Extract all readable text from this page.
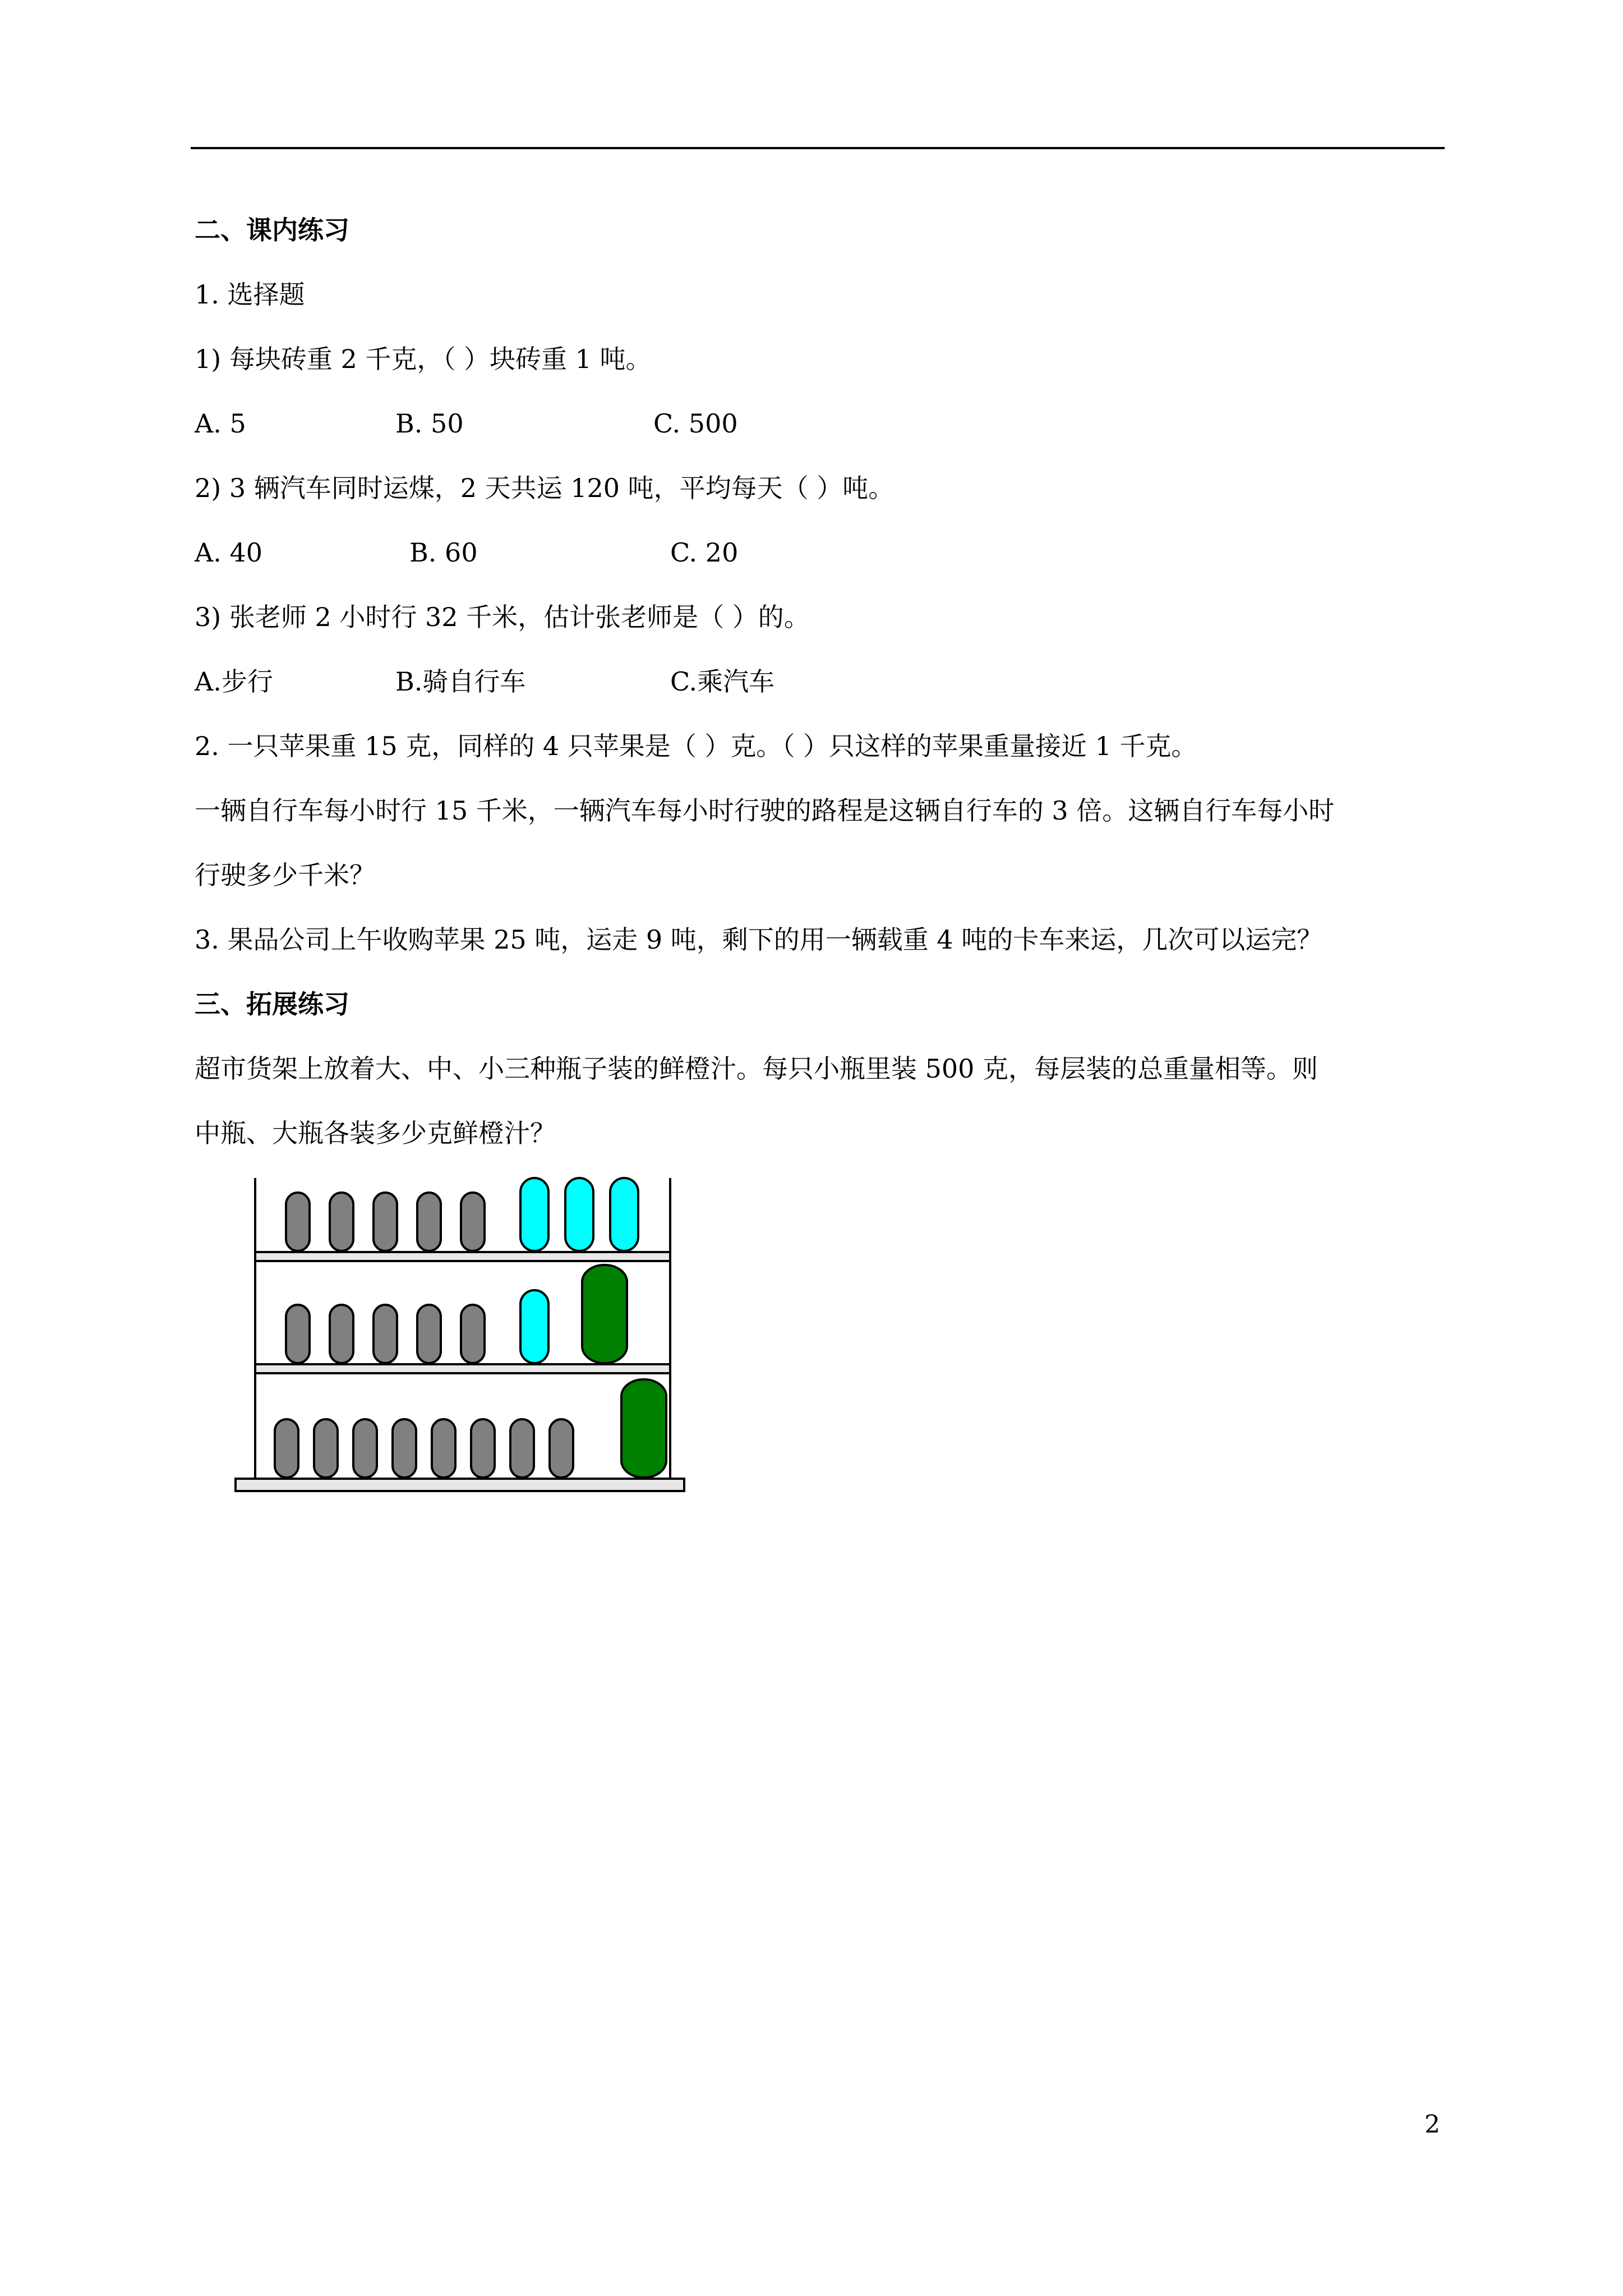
二、课内练习
1. 选择题
1) 每块砖重 2 千克，（ ）块砖重 1 吨。
A. 5	B. 50	C. 500
2) 3 辆汽车同时运煤，2 天共运 120 吨，平均每天（ ）吨。
A. 40	B. 60	C. 20
3) 张老师 2 小时行 32 千米，估计张老师是（ ）的。
A.步行	B.骑自行车	C.乘汽车
2. 一只苹果重 15 克，同样的 4 只苹果是（ ）克。（ ）只这样的苹果重量接近 1 千克。
一辆自行车每小时行 15 千米，一辆汽车每小时行驶的路程是这辆自行车的 3 倍。这辆自行车每小时
行驶多少千米？
3. 果品公司上午收购苹果 25 吨，运走 9 吨，剩下的用一辆载重 4 吨的卡车来运，几次可以运完？
三、拓展练习
超市货架上放着大、中、小三种瓶子装的鲜橙汁。每只小瓶里装 500 克，每层装的总重量相等。则
中瓶、大瓶各装多少克鲜橙汁？
2
